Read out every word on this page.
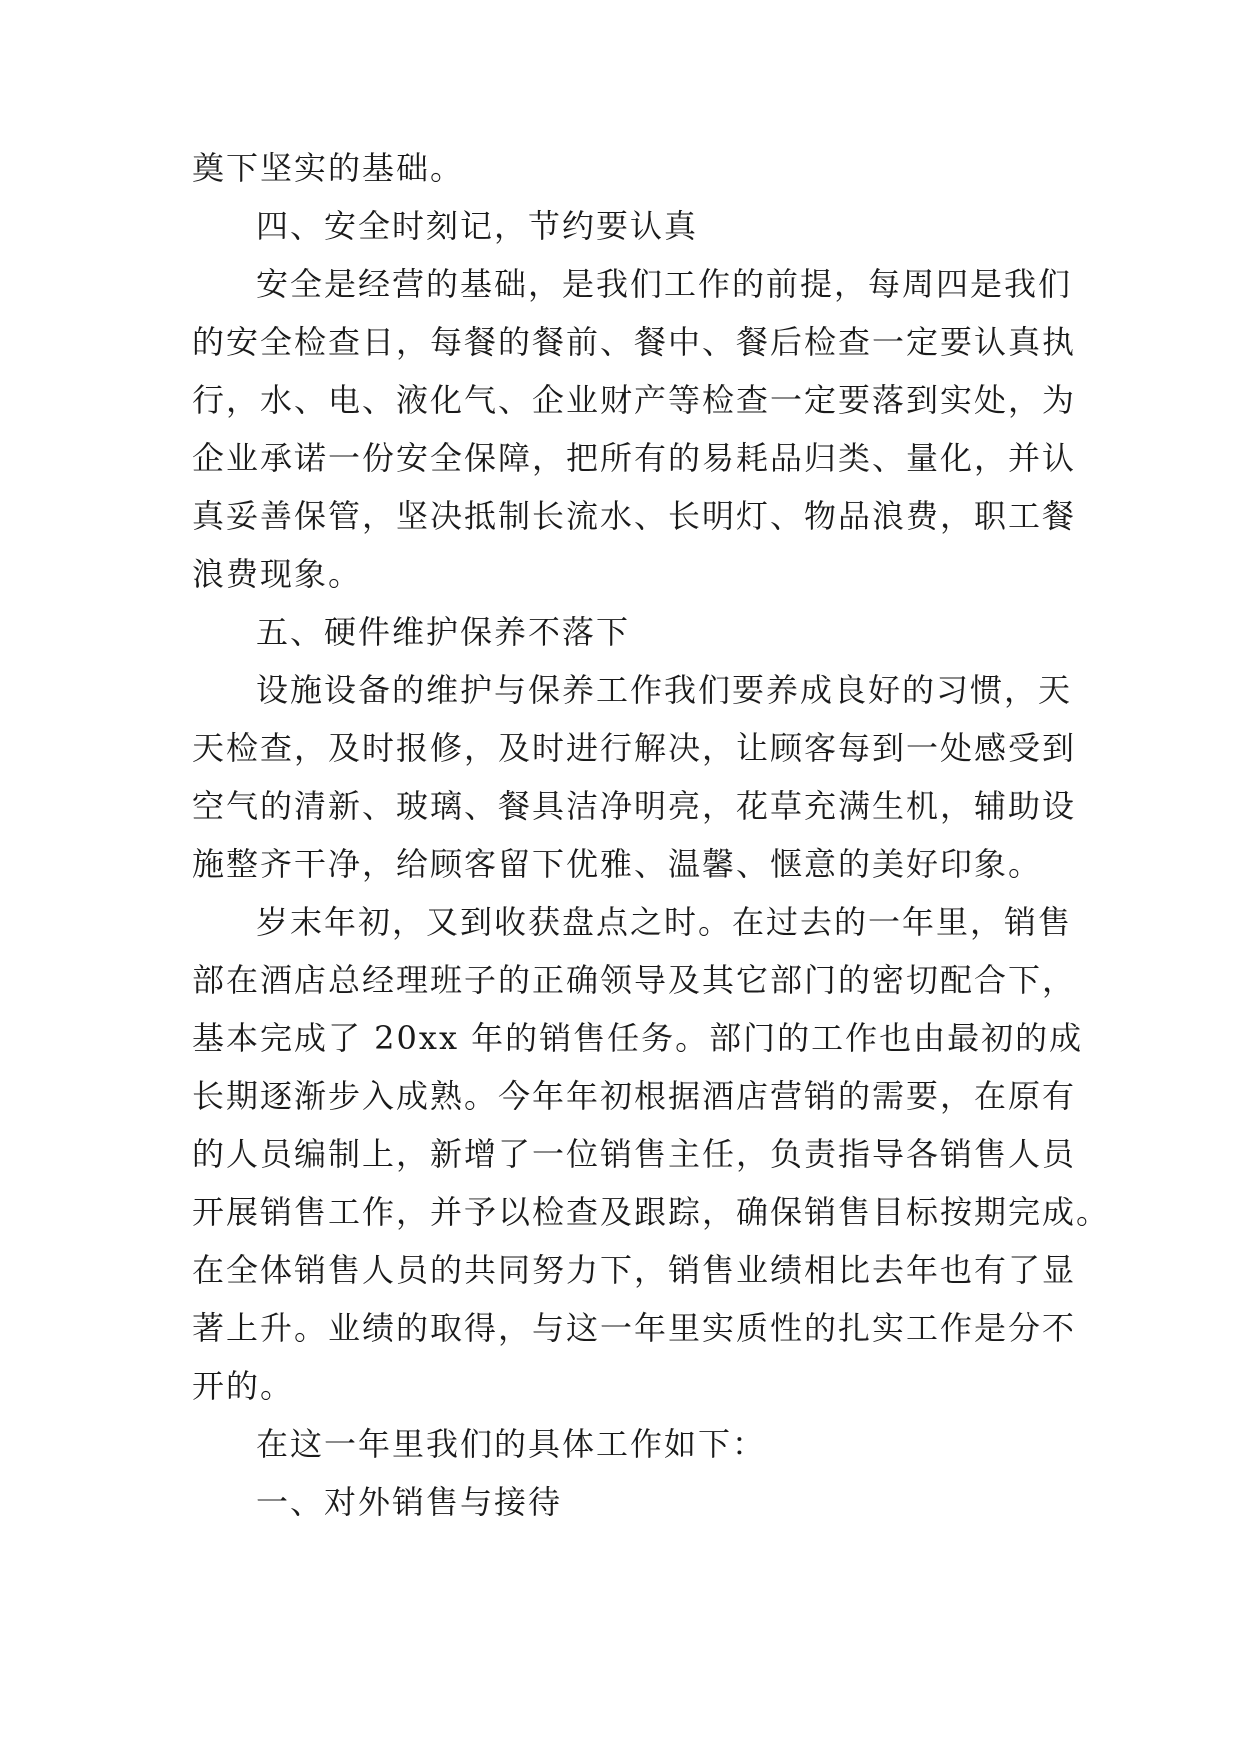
奠下坚实的基础。
四、安全时刻记，节约要认真
安全是经营的基础，是我们工作的前提，每周四是我们
的安全检查日，每餐的餐前、餐中、餐后检查一定要认真执
行，水、电、液化气、企业财产等检查一定要落到实处，为
企业承诺一份安全保障，把所有的易耗品归类、量化，并认
真妥善保管，坚决抵制长流水、长明灯、物品浪费，职工餐
浪费现象。
五、硬件维护保养不落下
设施设备的维护与保养工作我们要养成良好的习惯，天
天检查，及时报修，及时进行解决，让顾客每到一处感受到
空气的清新、玻璃、餐具洁净明亮，花草充满生机，辅助设
施整齐干净，给顾客留下优雅、温馨、惬意的美好印象。
岁末年初，又到收获盘点之时。在过去的一年里，销售
部在酒店总经理班子的正确领导及其它部门的密切配合下，
基本完成了 20xx 年的销售任务。部门的工作也由最初的成
长期逐渐步入成熟。今年年初根据酒店营销的需要，在原有
的人员编制上，新增了一位销售主任，负责指导各销售人员
开展销售工作，并予以检查及跟踪，确保销售目标按期完成。
在全体销售人员的共同努力下，销售业绩相比去年也有了显
著上升。业绩的取得，与这一年里实质性的扎实工作是分不
开的。
在这一年里我们的具体工作如下：
一、对外销售与接待
